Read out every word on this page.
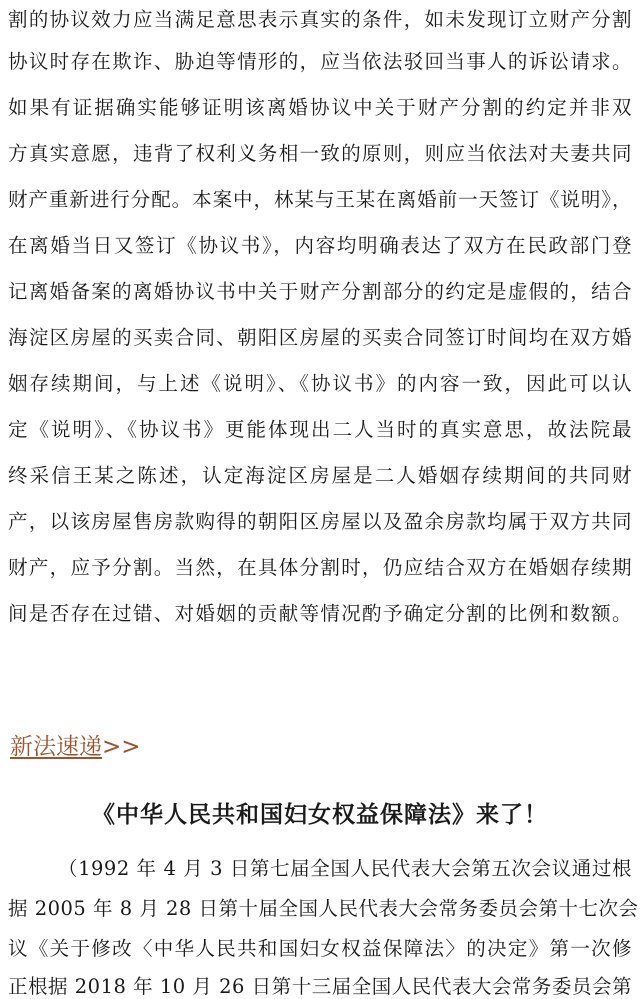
割的协议效力应当满足意思表示真实的条件，如未发现订立财产分割
协议时存在欺诈、胁迫等情形的，应当依法驳回当事人的诉讼请求。
如果有证据确实能够证明该离婚协议中关于财产分割的约定并非双
方真实意愿，违背了权利义务相一致的原则，则应当依法对夫妻共同
财产重新进行分配。本案中，林某与王某在离婚前一天签订《说明》，
在离婚当日又签订《协议书》，内容均明确表达了双方在民政部门登
记离婚备案的离婚协议书中关于财产分割部分的约定是虚假的，结合
海淀区房屋的买卖合同、朝阳区房屋的买卖合同签订时间均在双方婚
姻存续期间，与上述《说明》、《协议书》的内容一致，因此可以认
定《说明》、《协议书》更能体现出二人当时的真实意思，故法院最
终采信王某之陈述，认定海淀区房屋是二人婚姻存续期间的共同财
产，以该房屋售房款购得的朝阳区房屋以及盈余房款均属于双方共同
财产，应予分割。当然，在具体分割时，仍应结合双方在婚姻存续期
间是否存在过错、对婚姻的贡献等情况酌予确定分割的比例和数额。
新法速递>>
《中华人民共和国妇女权益保障法》来了！
（1992 年 4 月 3 日第七届全国人民代表大会第五次会议通过根
据 2005 年 8 月 28 日第十届全国人民代表大会常务委员会第十七次会
议《关于修改〈中华人民共和国妇女权益保障法〉的决定》第一次修
正根据 2018 年 10 月 26 日第十三届全国人民代表大会常务委员会第
